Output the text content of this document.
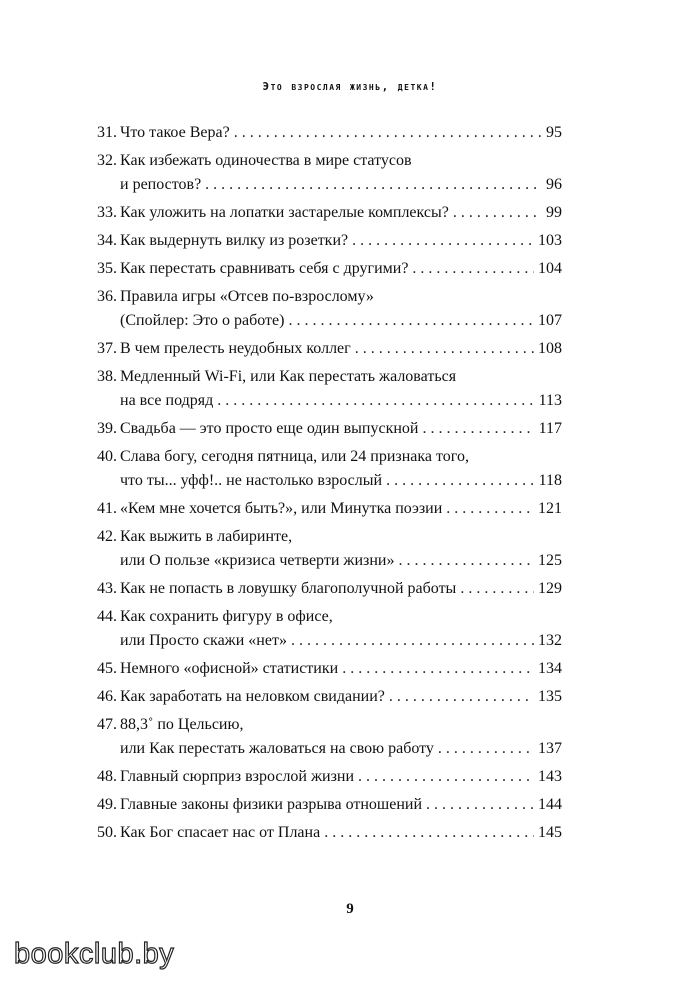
Это взрослая жизнь, детка!
31. Что такое Вера? . . .	95
32. Как избежать одиночества в мире статусов
и репостов? . . .	96
33. Как уложить на лопатки застарелые комплексы? . . .	99
34. Как выдернуть вилку из розетки? . . .	103
35. Как перестать сравнивать себя с другими? . . .	104
36. Правила игры «Отсев по-взрослому»
(Спойлер: Это о работе) . . .	107
37. В чем прелесть неудобных коллег . . .	108
38. Медленный Wi-Fi, или Как перестать жаловаться
на все подряд . . .	113
39. Свадьба — это просто еще один выпускной . . .	117
40. Слава богу, сегодня пятница, или 24 признака того,
что ты... уфф!.. не настолько взрослый . . .	118
41. «Кем мне хочется быть?», или Минутка поэзии . . .	121
42. Как выжить в лабиринте,
или О пользе «кризиса четверти жизни» . . .	125
43. Как не попасть в ловушку благополучной работы . . .	129
44. Как сохранить фигуру в офисе,
или Просто скажи «нет» . . .	132
45. Немного «офисной» статистики . . .	134
46. Как заработать на неловком свидании? . . .	135
47. 88,3˚ по Цельсию,
или Как перестать жаловаться на свою работу . . .	137
48. Главный сюрприз взрослой жизни . . .	143
49. Главные законы физики разрыва отношений . . .	144
50. Как Бог спасает нас от Плана . . .	145
9
bookclub.by
